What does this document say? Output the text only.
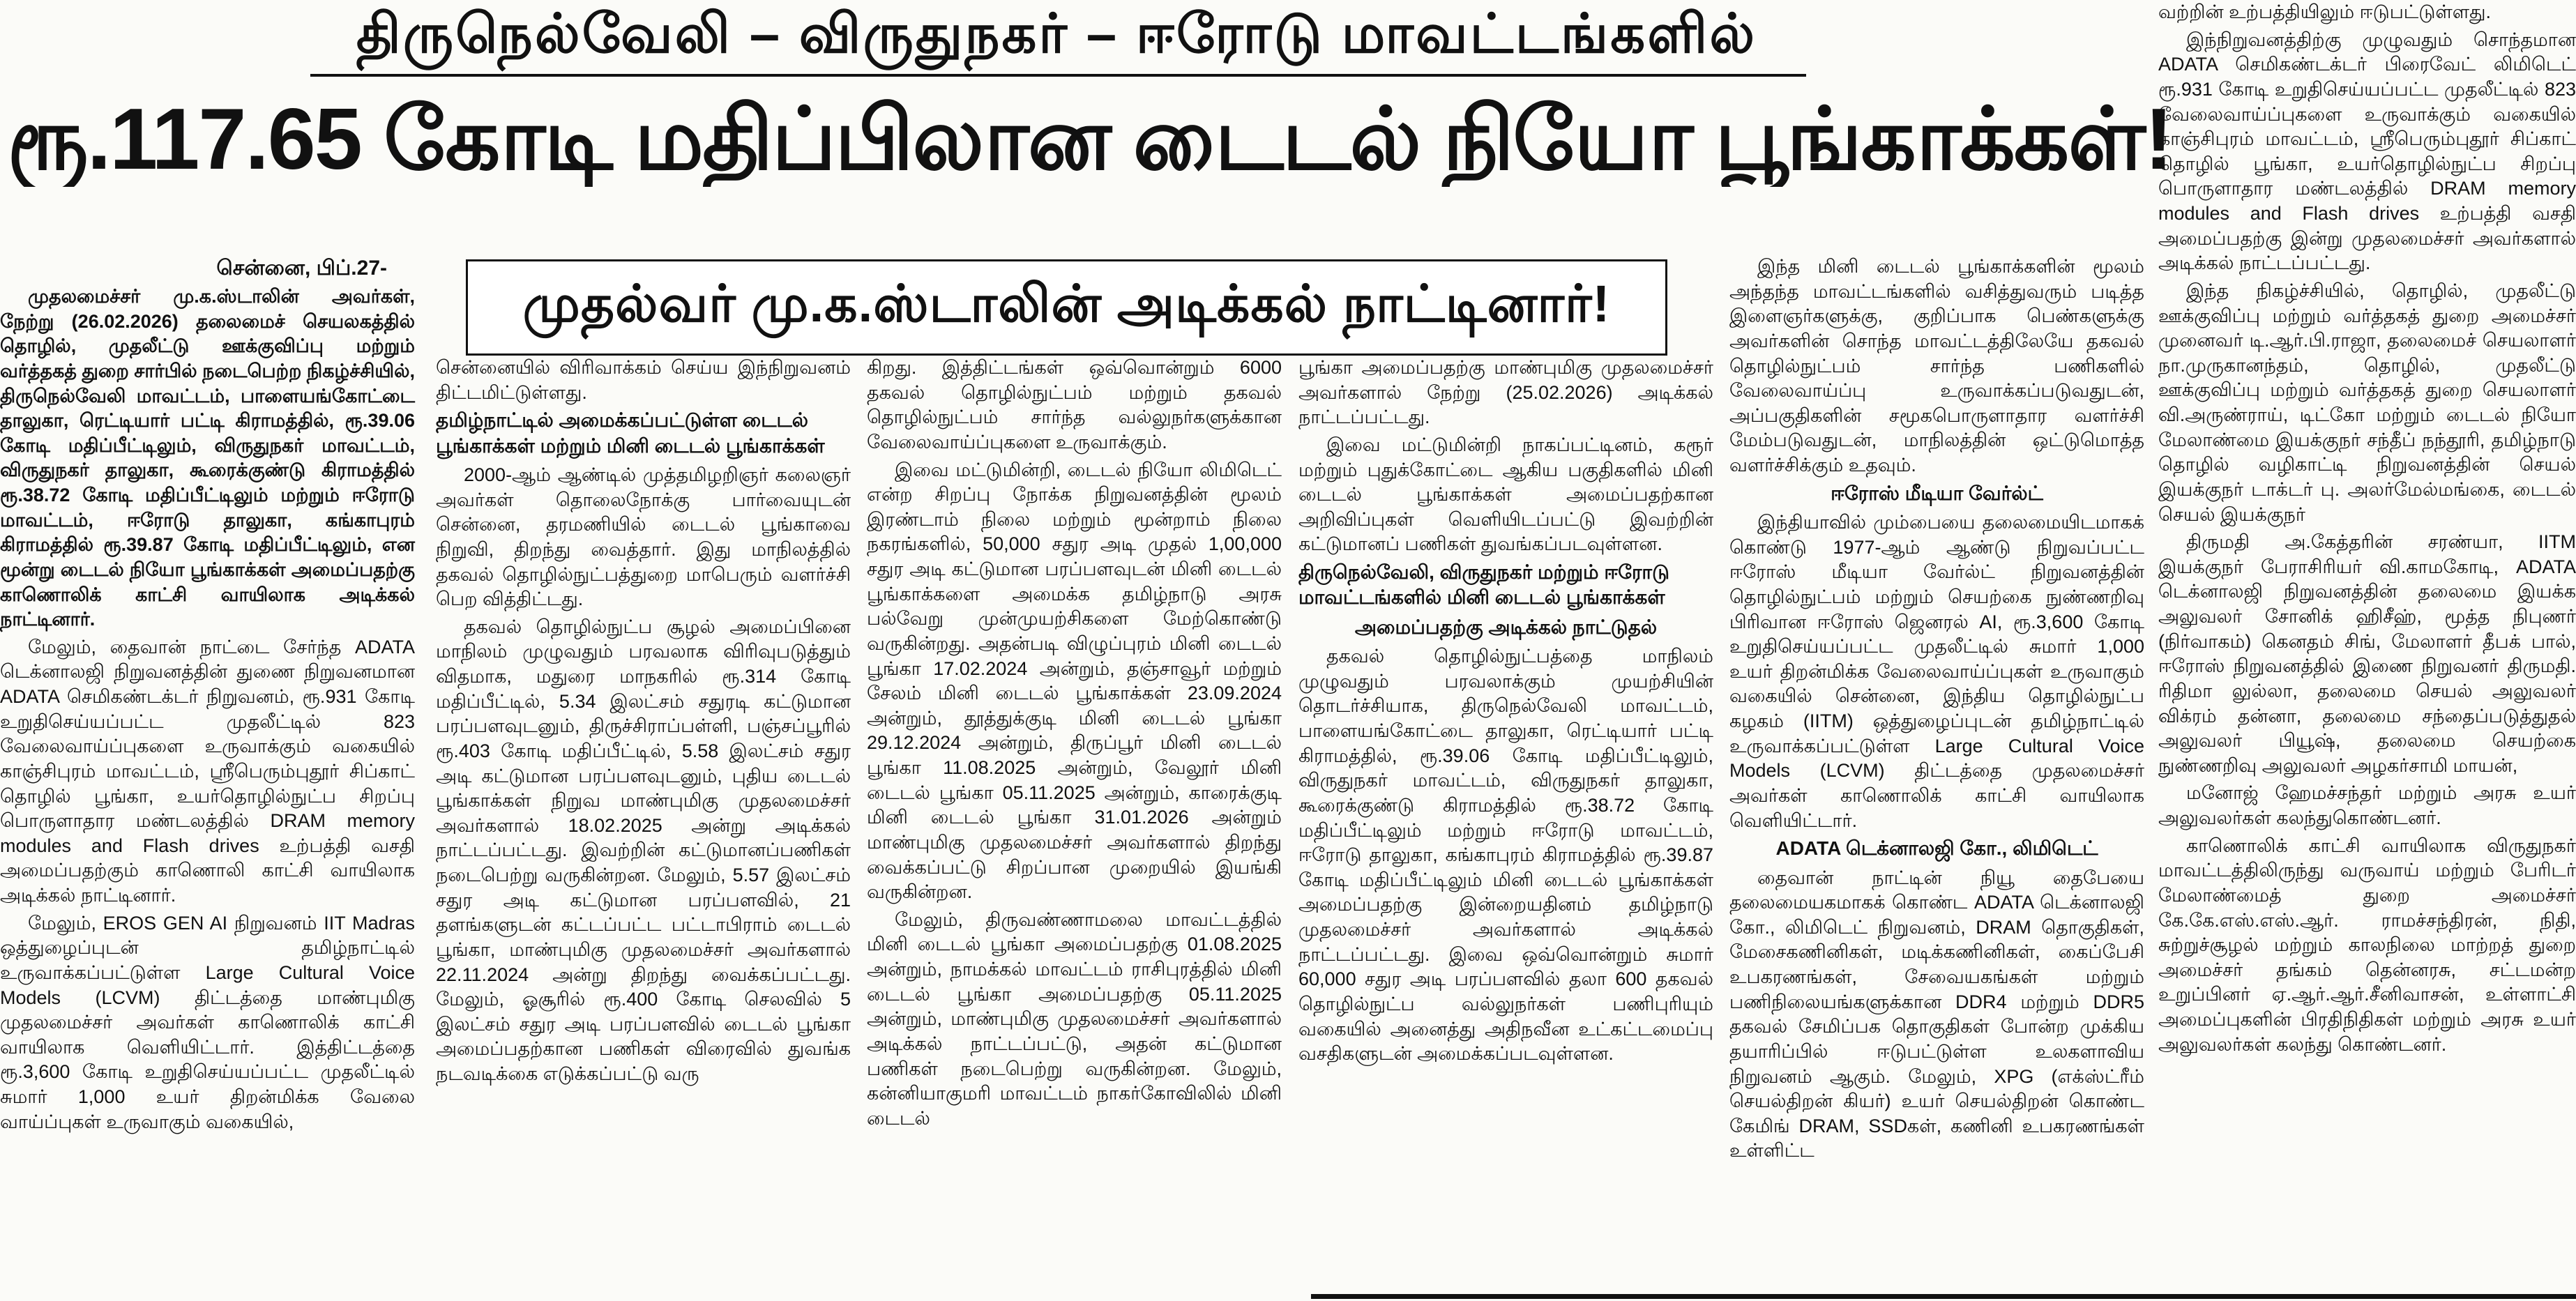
திருநெல்வேலி – விருதுநகர் – ஈரோடு மாவட்டங்களில்
ரூ.117.65 கோடி மதிப்பிலான டைடல் நியோ பூங்காக்கள்!
முதல்வர் மு.க.ஸ்டாலின் அடிக்கல் நாட்டினார்!
சென்னை, பிப்.27-

முதலமைச்சர் மு.க.ஸ்டாலின் அவர்கள், நேற்று (26.02.2026) தலைமைச் செயலகத்தில் தொழில், முதலீட்டு ஊக்குவிப்பு மற்றும் வர்த்தகத் துறை சார்பில் நடைபெற்ற நிகழ்ச்சியில், திருநெல்வேலி மாவட்டம், பாளையங்கோட்டை தாலுகா, ரெட்டியார் பட்டி கிராமத்தில், ரூ.39.06 கோடி மதிப்பீட்டிலும், விருதுநகர் மாவட்டம், விருதுநகர் தாலுகா, கூரைக்குண்டு கிராமத்தில் ரூ.38.72 கோடி மதிப்பீட்டிலும் மற்றும் ஈரோடு மாவட்டம், ஈரோடு தாலுகா, கங்காபுரம் கிராமத்தில் ரூ.39.87 கோடி மதிப்பீட்டிலும், என மூன்று டைடல் நியோ பூங்காக்கள் அமைப்பதற்கு காணொலிக் காட்சி வாயிலாக அடிக்கல் நாட்டினார்.

மேலும், தைவான் நாட்டை சேர்ந்த ADATA டெக்னாலஜி நிறுவனத்தின் துணை நிறுவனமான ADATA செமிகண்டக்டர் நிறுவனம், ரூ.931 கோடி உறுதிசெய்யப்பட்ட முதலீட்டில் 823 வேலைவாய்ப்புகளை உருவாக்கும் வகையில் காஞ்சிபுரம் மாவட்டம், ஸ்ரீபெரும்புதூர் சிப்காட் தொழில் பூங்கா, உயர்தொழில்நுட்ப சிறப்பு பொருளாதார மண்டலத்தில் DRAM memory modules and Flash drives உற்பத்தி வசதி அமைப்பதற்கும் காணொலி காட்சி வாயிலாக அடிக்கல் நாட்டினார்.

மேலும், EROS GEN AI நிறுவனம் IIT Madras ஒத்துழைப்புடன் தமிழ்நாட்டில் உருவாக்கப்பட்டுள்ள Large Cultural Voice Models (LCVM) திட்டத்தை மாண்புமிகு முதலமைச்சர் அவர்கள் காணொலிக் காட்சி வாயிலாக வெளியிட்டார். இத்திட்டத்தை ரூ.3,600 கோடி உறுதிசெய்யப்பட்ட முதலீட்டில் சுமார் 1,000 உயர் திறன்மிக்க வேலை வாய்ப்புகள் உருவாகும் வகையில்,

சென்னையில் விரிவாக்கம் செய்ய இந்நிறுவனம் திட்டமிட்டுள்ளது.

தமிழ்நாட்டில் அமைக்கப்பட்டுள்ள டைடல் பூங்காக்கள் மற்றும் மினி டைடல் பூங்காக்கள்

2000-ஆம் ஆண்டில் முத்தமிழறிஞர் கலைஞர் அவர்கள் தொலைநோக்கு பார்வையுடன் சென்னை, தரமணியில் டைடல் பூங்காவை நிறுவி, திறந்து வைத்தார். இது மாநிலத்தில் தகவல் தொழில்நுட்பத்துறை மாபெரும் வளர்ச்சி பெற வித்திட்டது.

தகவல் தொழில்நுட்ப சூழல் அமைப்பினை மாநிலம் முழுவதும் பரவலாக விரிவுபடுத்தும் விதமாக, மதுரை மாநகரில் ரூ.314 கோடி மதிப்பீட்டில், 5.34 இலட்சம் சதுரடி கட்டுமான பரப்பளவுடனும், திருச்சிராப்பள்ளி, பஞ்சப்பூரில் ரூ.403 கோடி மதிப்பீட்டில், 5.58 இலட்சம் சதுர அடி கட்டுமான பரப்பளவுடனும், புதிய டைடல் பூங்காக்கள் நிறுவ மாண்புமிகு முதலமைச்சர் அவர்களால் 18.02.2025 அன்று அடிக்கல் நாட்டப்பட்டது. இவற்றின் கட்டுமானப்பணிகள் நடைபெற்று வருகின்றன. மேலும், 5.57 இலட்சம் சதுர அடி கட்டுமான பரப்பளவில், 21 தளங்களுடன் கட்டப்பட்ட பட்டாபிராம் டைடல் பூங்கா, மாண்புமிகு முதலமைச்சர் அவர்களால் 22.11.2024 அன்று திறந்து வைக்கப்பட்டது. மேலும், ஓசூரில் ரூ.400 கோடி செலவில் 5 இலட்சம் சதுர அடி பரப்பளவில் டைடல் பூங்கா அமைப்பதற்கான பணிகள் விரைவில் துவங்க நடவடிக்கை எடுக்கப்பட்டு வரு

கிறது. இத்திட்டங்கள் ஒவ்வொன்றும் 6000 தகவல் தொழில்நுட்பம் மற்றும் தகவல் தொழில்நுட்பம் சார்ந்த வல்லுநர்களுக்கான வேலைவாய்ப்புகளை உருவாக்கும்.

இவை மட்டுமின்றி, டைடல் நியோ லிமிடெட் என்ற சிறப்பு நோக்க நிறுவனத்தின் மூலம் இரண்டாம் நிலை மற்றும் மூன்றாம் நிலை நகரங்களில், 50,000 சதுர அடி முதல் 1,00,000 சதுர அடி கட்டுமான பரப்பளவுடன் மினி டைடல் பூங்காக்களை அமைக்க தமிழ்நாடு அரசு பல்வேறு முன்முயற்சிகளை மேற்கொண்டு வருகின்றது. அதன்படி விழுப்புரம் மினி டைடல் பூங்கா 17.02.2024 அன்றும், தஞ்சாவூர் மற்றும் சேலம் மினி டைடல் பூங்காக்கள் 23.09.2024 அன்றும், தூத்துக்குடி மினி டைடல் பூங்கா 29.12.2024 அன்றும், திருப்பூர் மினி டைடல் பூங்கா 11.08.2025 அன்றும், வேலூர் மினி டைடல் பூங்கா 05.11.2025 அன்றும், காரைக்குடி மினி டைடல் பூங்கா 31.01.2026 அன்றும் மாண்புமிகு முதலமைச்சர் அவர்களால் திறந்து வைக்கப்பட்டு சிறப்பான முறையில் இயங்கி வருகின்றன.

மேலும், திருவண்ணாமலை மாவட்டத்தில் மினி டைடல் பூங்கா அமைப்பதற்கு 01.08.2025 அன்றும், நாமக்கல் மாவட்டம் ராசிபுரத்தில் மினி டைடல் பூங்கா அமைப்பதற்கு 05.11.2025 அன்றும், மாண்புமிகு முதலமைச்சர் அவர்களால் அடிக்கல் நாட்டப்பட்டு, அதன் கட்டுமான பணிகள் நடைபெற்று வருகின்றன. மேலும், கன்னியாகுமரி மாவட்டம் நாகர்கோவிலில் மினி டைடல்

பூங்கா அமைப்பதற்கு மாண்புமிகு முதலமைச்சர் அவர்களால் நேற்று (25.02.2026) அடிக்கல் நாட்டப்பட்டது.

இவை மட்டுமின்றி நாகப்பட்டினம், கரூர் மற்றும் புதுக்கோட்டை ஆகிய பகுதிகளில் மினி டைடல் பூங்காக்கள் அமைப்பதற்கான அறிவிப்புகள் வெளியிடப்பட்டு இவற்றின் கட்டுமானப் பணிகள் துவங்கப்படவுள்ளன.

திருநெல்வேலி, விருதுநகர் மற்றும் ஈரோடு மாவட்டங்களில் மினி டைடல் பூங்காக்கள்
அமைப்பதற்கு அடிக்கல் நாட்டுதல்

தகவல் தொழில்நுட்பத்தை மாநிலம் முழுவதும் பரவலாக்கும் முயற்சியின் தொடர்ச்சியாக, திருநெல்வேலி மாவட்டம், பாளையங்கோட்டை தாலுகா, ரெட்டியார் பட்டி கிராமத்தில், ரூ.39.06 கோடி மதிப்பீட்டிலும், விருதுநகர் மாவட்டம், விருதுநகர் தாலுகா, கூரைக்குண்டு கிராமத்தில் ரூ.38.72 கோடி மதிப்பீட்டிலும் மற்றும் ஈரோடு மாவட்டம், ஈரோடு தாலுகா, கங்காபுரம் கிராமத்தில் ரூ.39.87 கோடி மதிப்பீட்டிலும் மினி டைடல் பூங்காக்கள் அமைப்பதற்கு இன்றையதினம் தமிழ்நாடு முதலமைச்சர் அவர்களால் அடிக்கல் நாட்டப்பட்டது. இவை ஒவ்வொன்றும் சுமார் 60,000 சதுர அடி பரப்பளவில் தலா 600 தகவல் தொழில்நுட்ப வல்லுநர்கள் பணிபுரியும் வகையில் அனைத்து அதிநவீன உட்கட்டமைப்பு வசதிகளுடன் அமைக்கப்படவுள்ளன.

இந்த மினி டைடல் பூங்காக்களின் மூலம் அந்தந்த மாவட்டங்களில் வசித்துவரும் படித்த இளைஞர்களுக்கு, குறிப்பாக பெண்களுக்கு அவர்களின் சொந்த மாவட்டத்திலேயே தகவல் தொழில்நுட்பம் சார்ந்த பணிகளில் வேலைவாய்ப்பு உருவாக்கப்படுவதுடன், அப்பகுதிகளின் சமூகபொருளாதார வளர்ச்சி மேம்படுவதுடன், மாநிலத்தின் ஒட்டுமொத்த வளர்ச்சிக்கும் உதவும்.

ஈரோஸ் மீடியா வேர்ல்ட்

இந்தியாவில் மும்பையை தலைமையிடமாகக் கொண்டு 1977-ஆம் ஆண்டு நிறுவப்பட்ட ஈரோஸ் மீடியா வேர்ல்ட் நிறுவனத்தின் தொழில்நுட்பம் மற்றும் செயற்கை நுண்ணறிவு பிரிவான ஈரோஸ் ஜெனரல் AI, ரூ.3,600 கோடி உறுதிசெய்யப்பட்ட முதலீட்டில் சுமார் 1,000 உயர் திறன்மிக்க வேலைவாய்ப்புகள் உருவாகும் வகையில் சென்னை, இந்திய தொழில்நுட்ப கழகம் (IITM) ஒத்துழைப்புடன் தமிழ்நாட்டில் உருவாக்கப்பட்டுள்ள Large Cultural Voice Models (LCVM) திட்டத்தை முதலமைச்சர் அவர்கள் காணொலிக் காட்சி வாயிலாக வெளியிட்டார்.

ADATA டெக்னாலஜி கோ., லிமிடெட்

தைவான் நாட்டின் நியூ தைபேயை தலைமையகமாகக் கொண்ட ADATA டெக்னாலஜி கோ., லிமிடெட் நிறுவனம், DRAM தொகுதிகள், மேசைகணினிகள், மடிக்கணினிகள், கைப்பேசி உபகரணங்கள், சேவையகங்கள் மற்றும் பணிநிலையங்களுக்கான DDR4 மற்றும் DDR5 தகவல் சேமிப்பக தொகுதிகள் போன்ற முக்கிய தயாரிப்பில் ஈடுபட்டுள்ள உலகளாவிய நிறுவனம் ஆகும். மேலும், XPG (எக்ஸ்ட்ரீம் செயல்திறன் கியர்) உயர் செயல்திறன் கொண்ட கேமிங் DRAM, SSDகள், கணினி உபகரணங்கள் உள்ளிட்ட

வற்றின் உற்பத்தியிலும் ஈடுபட்டுள்ளது.

இந்நிறுவனத்திற்கு முழுவதும் சொந்தமான ADATA செமிகண்டக்டர் பிரைவேட் லிமிடெட் ரூ.931 கோடி உறுதிசெய்யப்பட்ட முதலீட்டில் 823 வேலைவாய்ப்புகளை உருவாக்கும் வகையில் காஞ்சிபுரம் மாவட்டம், ஸ்ரீபெரும்புதூர் சிப்காட் தொழில் பூங்கா, உயர்தொழில்நுட்ப சிறப்பு பொருளாதார மண்டலத்தில் DRAM memory modules and Flash drives உற்பத்தி வசதி அமைப்பதற்கு இன்று முதலமைச்சர் அவர்களால் அடிக்கல் நாட்டப்பட்டது.

இந்த நிகழ்ச்சியில், தொழில், முதலீட்டு ஊக்குவிப்பு மற்றும் வர்த்தகத் துறை அமைச்சர் முனைவர் டி.ஆர்.பி.ராஜா, தலைமைச் செயலாளர் நா.முருகானந்தம், தொழில், முதலீட்டு ஊக்குவிப்பு மற்றும் வர்த்தகத் துறை செயலாளர் வி.அருண்ராய், டிட்கோ மற்றும் டைடல் நியோ மேலாண்மை இயக்குநர் சந்தீப் நந்தூரி, தமிழ்நாடு தொழில் வழிகாட்டி நிறுவனத்தின் செயல் இயக்குநர் டாக்டர் பு. அலர்மேல்மங்கை, டைடல் செயல் இயக்குநர்

திருமதி அ.கேத்தரின் சரண்யா, IITM இயக்குநர் பேராசிரியர் வி.காமகோடி, ADATA டெக்னாலஜி நிறுவனத்தின் தலைமை இயக்க அலுவலர் சோனிக் ஹிசீஹ், மூத்த நிபுணர் (நிர்வாகம்) கெனதம் சிங், மேலாளர் தீபக் பால், ஈரோஸ் நிறுவனத்தில் இணை நிறுவனர் திருமதி. ரிதிமா லுல்லா, தலைமை செயல் அலுவலர் விக்ரம் தன்னா, தலைமை சந்தைப்படுத்துதல் அலுவலர் பியூஷ், தலைமை செயற்கை நுண்ணறிவு அலுவலர் அழகர்சாமி மாயன்,

மனோஜ் ஹேமச்சந்தர் மற்றும் அரசு உயர் அலுவலர்கள் கலந்துகொண்டனர்.

காணொலிக் காட்சி வாயிலாக விருதுநகர் மாவட்டத்திலிருந்து வருவாய் மற்றும் பேரிடர் மேலாண்மைத் துறை அமைச்சர் கே.கே.எஸ்.எஸ்.ஆர். ராமச்சந்திரன், நிதி, சுற்றுச்சூழல் மற்றும் காலநிலை மாற்றத் துறை அமைச்சர் தங்கம் தென்னரசு, சட்டமன்ற உறுப்பினர் ஏ.ஆர்.ஆர்.சீனிவாசன், உள்ளாட்சி அமைப்புகளின் பிரதிநிதிகள் மற்றும் அரசு உயர் அலுவலர்கள் கலந்து கொண்டனர்.
